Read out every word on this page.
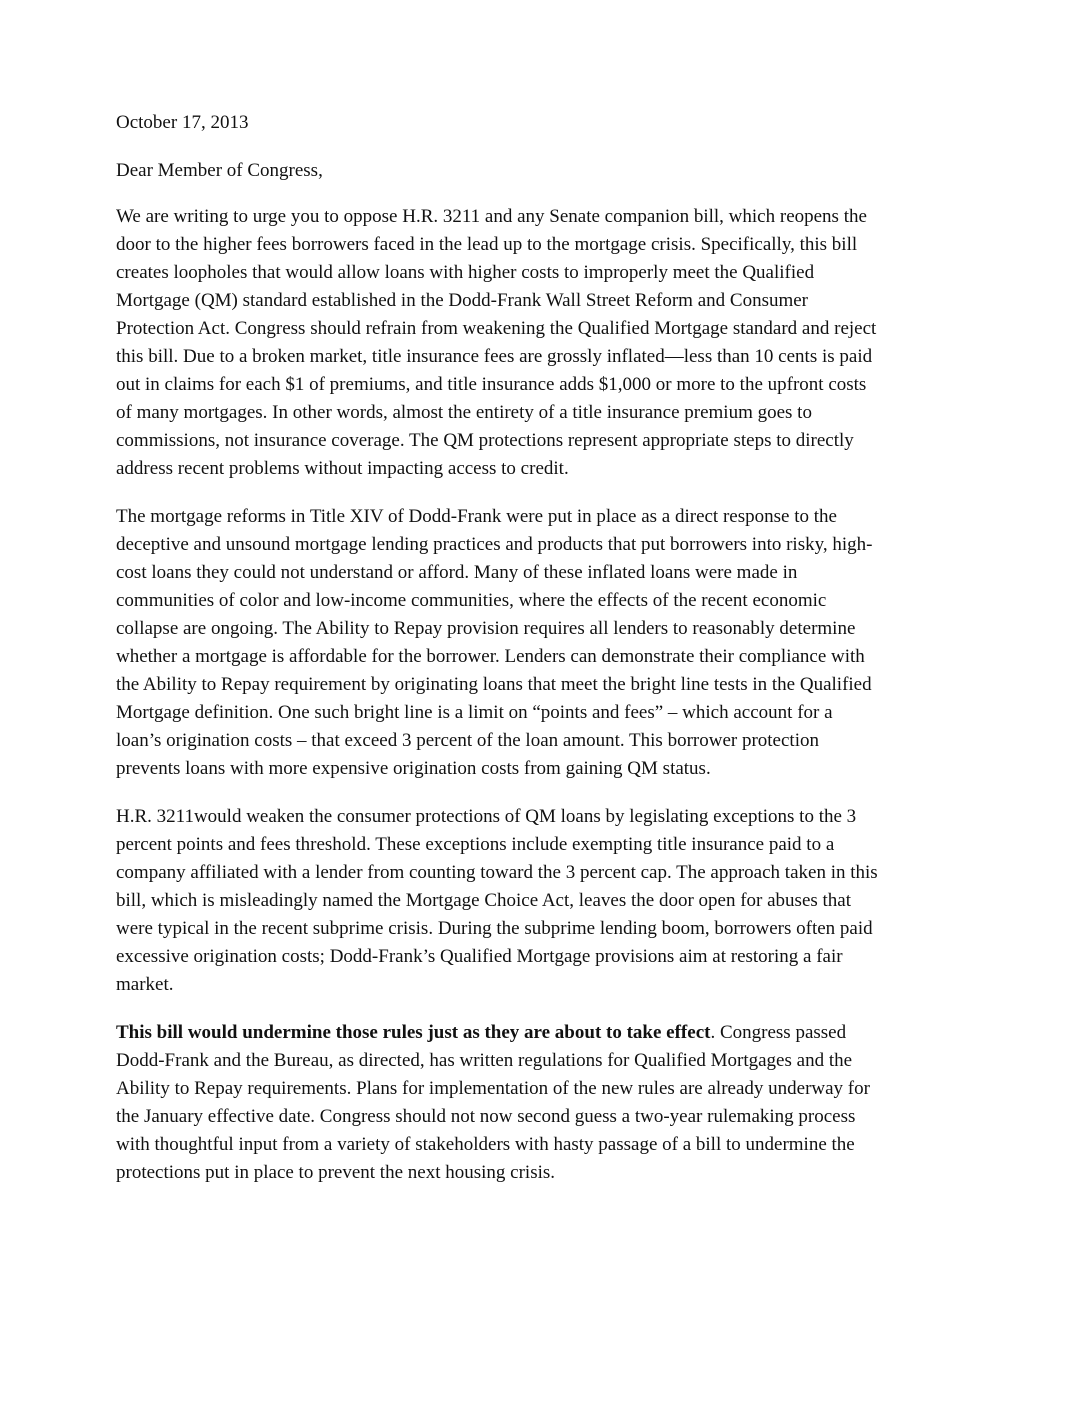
October 17, 2013
Dear Member of Congress,
We are writing to urge you to oppose H.R. 3211 and any Senate companion bill, which reopens the
door to the higher fees borrowers faced in the lead up to the mortgage crisis. Specifically, this bill
creates loopholes that would allow loans with higher costs to improperly meet the Qualified
Mortgage (QM) standard established in the Dodd-Frank Wall Street Reform and Consumer
Protection Act. Congress should refrain from weakening the Qualified Mortgage standard and reject
this bill. Due to a broken market, title insurance fees are grossly inflated—less than 10 cents is paid
out in claims for each $1 of premiums, and title insurance adds $1,000 or more to the upfront costs
of many mortgages. In other words, almost the entirety of a title insurance premium goes to
commissions, not insurance coverage. The QM protections represent appropriate steps to directly
address recent problems without impacting access to credit.
The mortgage reforms in Title XIV of Dodd-Frank were put in place as a direct response to the
deceptive and unsound mortgage lending practices and products that put borrowers into risky, high-
cost loans they could not understand or afford. Many of these inflated loans were made in
communities of color and low-income communities, where the effects of the recent economic
collapse are ongoing. The Ability to Repay provision requires all lenders to reasonably determine
whether a mortgage is affordable for the borrower. Lenders can demonstrate their compliance with
the Ability to Repay requirement by originating loans that meet the bright line tests in the Qualified
Mortgage definition. One such bright line is a limit on “points and fees” – which account for a
loan’s origination costs – that exceed 3 percent of the loan amount. This borrower protection
prevents loans with more expensive origination costs from gaining QM status.
H.R. 3211would weaken the consumer protections of QM loans by legislating exceptions to the 3
percent points and fees threshold. These exceptions include exempting title insurance paid to a
company affiliated with a lender from counting toward the 3 percent cap. The approach taken in this
bill, which is misleadingly named the Mortgage Choice Act, leaves the door open for abuses that
were typical in the recent subprime crisis. During the subprime lending boom, borrowers often paid
excessive origination costs; Dodd-Frank’s Qualified Mortgage provisions aim at restoring a fair
market.
This bill would undermine those rules just as they are about to take effect. Congress passed
Dodd-Frank and the Bureau, as directed, has written regulations for Qualified Mortgages and the
Ability to Repay requirements. Plans for implementation of the new rules are already underway for
the January effective date. Congress should not now second guess a two-year rulemaking process
with thoughtful input from a variety of stakeholders with hasty passage of a bill to undermine the
protections put in place to prevent the next housing crisis.
